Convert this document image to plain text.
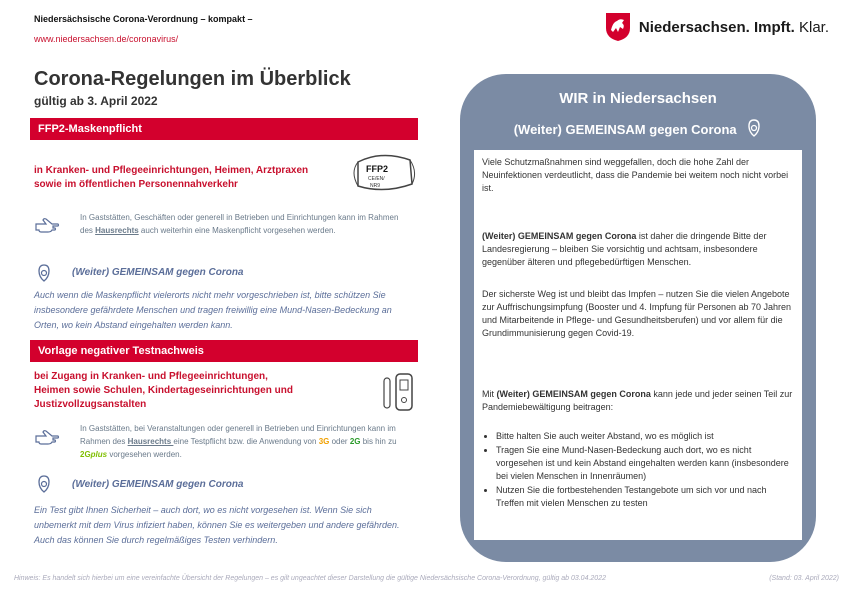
Niedersächsische Corona-Verordnung – kompakt –
www.niedersachsen.de/coronavirus/
Niedersachsen. Impft. Klar.
Corona-Regelungen im Überblick
gültig ab 3. April 2022
FFP2-Maskenpflicht
in Kranken- und Pflegeeinrichtungen, Heimen, Arztpraxen sowie im öffentlichen Personennahverkehr
FFP2
CE/EN/
NR9
In Gaststätten, Geschäften oder generell in Betrieben und Einrichtungen kann im Rahmen des Hausrechts auch weiterhin eine Maskenpflicht vorgesehen werden.
(Weiter) GEMEINSAM gegen Corona
Auch wenn die Maskenpflicht vielerorts nicht mehr vorgeschrieben ist, bitte schützen Sie insbesondere gefährdete Menschen und tragen freiwillig eine Mund-Nasen-Bedeckung an Orten, wo kein Abstand eingehalten werden kann.
Vorlage negativer Testnachweis
bei Zugang in Kranken- und Pflegeeinrichtungen, Heimen sowie Schulen, Kindertageseinrichtungen und Justizvollzugsanstalten
In Gaststätten, bei Veranstaltungen oder generell in Betrieben und Einrichtungen kann im Rahmen des Hausrechts eine Testpflicht bzw. die Anwendung von 3G oder 2G bis hin zu 2Gplus vorgesehen werden.
(Weiter) GEMEINSAM gegen Corona
Ein Test gibt Ihnen Sicherheit – auch dort, wo es nicht vorgesehen ist. Wenn Sie sich unbemerkt mit dem Virus infiziert haben, können Sie es weitergeben und andere gefährden. Auch das können Sie durch regelmäßiges Testen verhindern.
WIR in Niedersachsen
(Weiter) GEMEINSAM gegen Corona
Viele Schutzmaßnahmen sind weggefallen, doch die hohe Zahl der Neuinfektionen verdeutlicht, dass die Pandemie bei weitem noch nicht vorbei ist.
(Weiter) GEMEINSAM gegen Corona ist daher die dringende Bitte der Landesregierung – bleiben Sie vorsichtig und achtsam, insbesondere gegenüber älteren und pflegebedürftigen Menschen.
Der sicherste Weg ist und bleibt das Impfen – nutzen Sie die vielen Angebote zur Auffrischungsimpfung (Booster und 4. Impfung für Personen ab 70 Jahren und Mitarbeitende in Pflege- und Gesundheitsberufen) und vor allem für die Grundimmunisierung gegen Covid-19.
Mit (Weiter) GEMEINSAM gegen Corona kann jede und jeder seinen Teil zur Pandemiebewältigung beitragen:
• Bitte halten Sie auch weiter Abstand, wo es möglich ist
• Tragen Sie eine Mund-Nasen-Bedeckung auch dort, wo es nicht vorgesehen ist und kein Abstand eingehalten werden kann (insbesondere bei vielen Menschen in Innenräumen)
• Nutzen Sie die fortbestehenden Testangebote um sich vor und nach Treffen mit vielen Menschen zu testen
Hinweis: Es handelt sich hierbei um eine vereinfachte Übersicht der Regelungen – es gilt ungeachtet dieser Darstellung die gültige Niedersächsische Corona-Verordnung, gültig ab 03.04.2022	(Stand: 03. April 2022)
